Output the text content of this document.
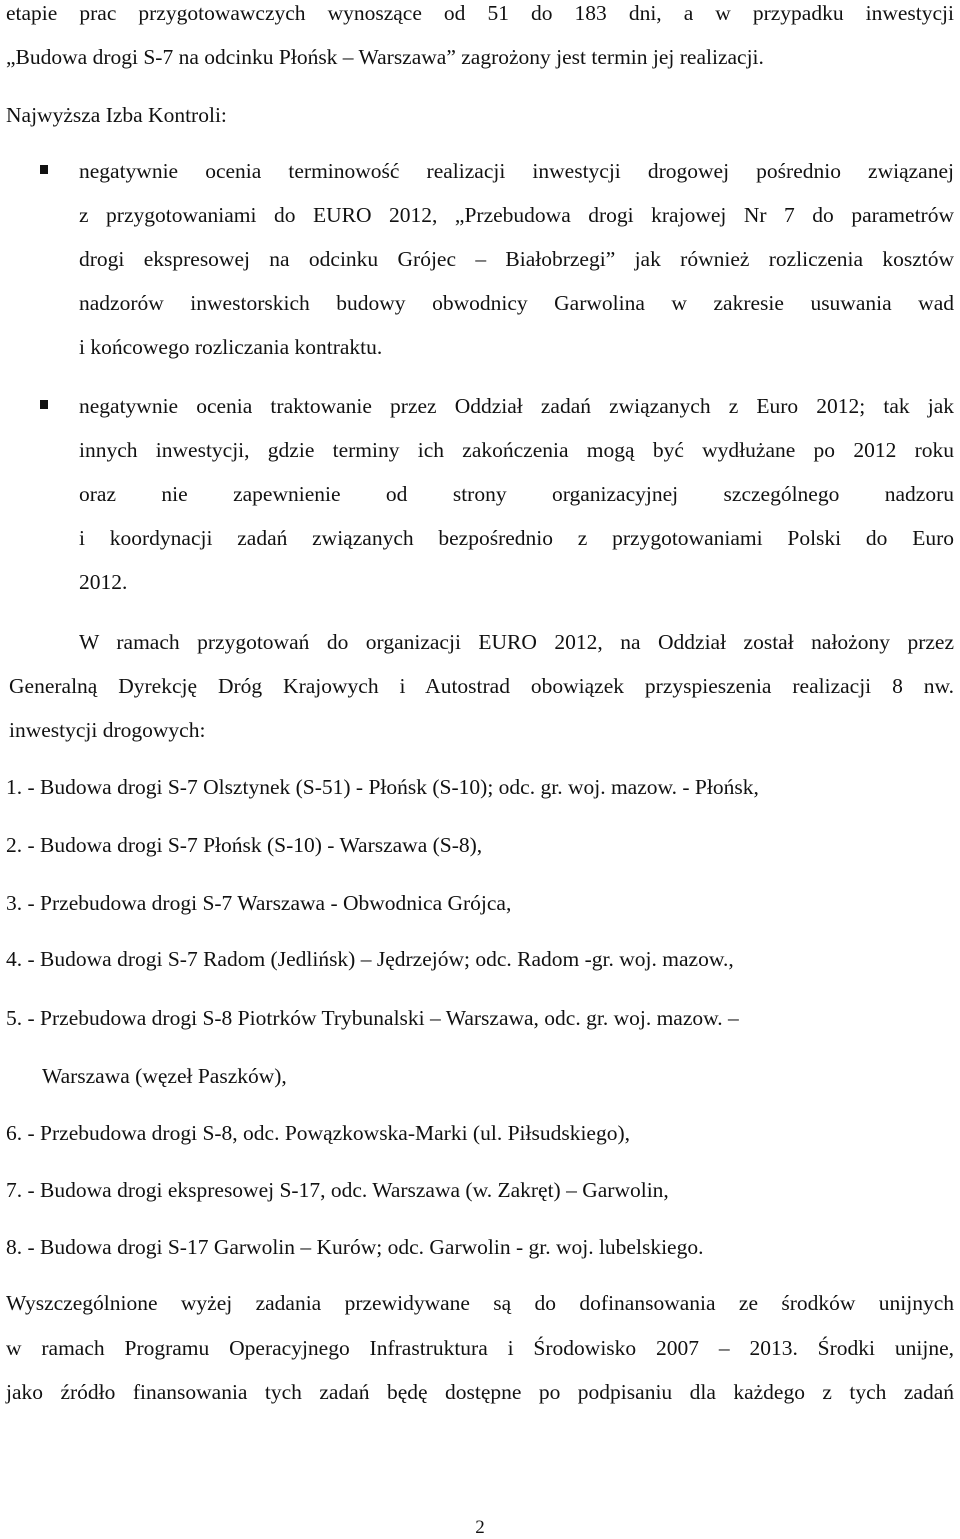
etapie prac przygotowawczych wynoszące od 51 do 183 dni, a w przypadku inwestycji
„Budowa drogi S-7 na odcinku Płońsk – Warszawa” zagrożony jest termin jej realizacji.
Najwyższa Izba Kontroli:
negatywnie ocenia terminowość realizacji inwestycji drogowej pośrednio związanej
z przygotowaniami do EURO 2012, „Przebudowa drogi krajowej Nr 7 do parametrów
drogi ekspresowej na odcinku Grójec – Białobrzegi” jak również rozliczenia kosztów
nadzorów inwestorskich budowy obwodnicy Garwolina w zakresie usuwania wad
i końcowego rozliczania kontraktu.
negatywnie ocenia traktowanie przez Oddział zadań związanych z Euro 2012; tak jak
innych inwestycji, gdzie terminy ich zakończenia mogą być wydłużane po 2012 roku
oraz nie zapewnienie od strony organizacyjnej szczególnego nadzoru
i koordynacji zadań związanych bezpośrednio z przygotowaniami Polski do Euro
2012.
W ramach przygotowań do organizacji EURO 2012, na Oddział został nałożony przez
Generalną Dyrekcję Dróg Krajowych i Autostrad obowiązek przyspieszenia realizacji 8 nw.
inwestycji drogowych:
1. - Budowa drogi S-7 Olsztynek (S-51) - Płońsk (S-10); odc. gr. woj. mazow. - Płońsk,
2. - Budowa drogi S-7 Płońsk (S-10) - Warszawa (S-8),
3. - Przebudowa drogi S-7 Warszawa - Obwodnica Grójca,
4. - Budowa drogi S-7 Radom (Jedlińsk) – Jędrzejów; odc. Radom -gr. woj. mazow.,
5. - Przebudowa drogi S-8 Piotrków Trybunalski – Warszawa, odc. gr. woj. mazow. –
Warszawa (węzeł Paszków),
6. - Przebudowa drogi S-8, odc. Powązkowska-Marki (ul. Piłsudskiego),
7. - Budowa drogi ekspresowej S-17, odc. Warszawa (w. Zakręt) – Garwolin,
8. - Budowa drogi S-17 Garwolin – Kurów; odc. Garwolin - gr. woj. lubelskiego.
Wyszczególnione wyżej zadania przewidywane są do dofinansowania ze środków unijnych
w ramach Programu Operacyjnego Infrastruktura i Środowisko 2007 – 2013. Środki unijne,
jako źródło finansowania tych zadań będę dostępne po podpisaniu dla każdego z tych zadań
2
